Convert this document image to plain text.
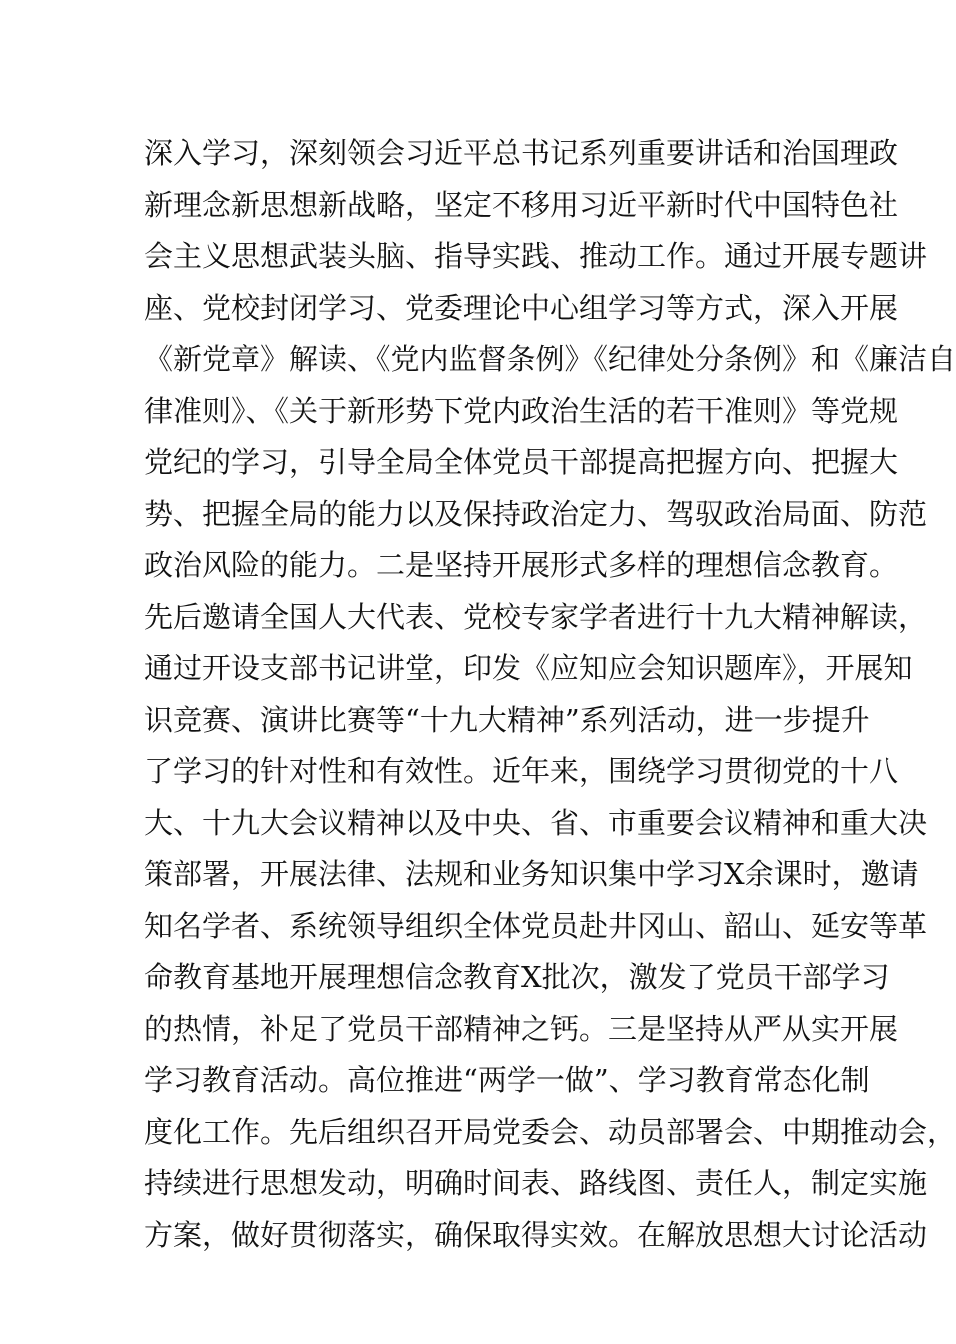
深入学习，深刻领会习近平总书记系列重要讲话和治国理政
新理念新思想新战略，坚定不移用习近平新时代中国特色社
会主义思想武装头脑、指导实践、推动工作。通过开展专题讲
座、党校封闭学习、党委理论中心组学习等方式，深入开展
《新党章》解读、《党内监督条例》《纪律处分条例》和《廉洁自
律准则》、《关于新形势下党内政治生活的若干准则》等党规
党纪的学习，引导全局全体党员干部提高把握方向、把握大
势、把握全局的能力以及保持政治定力、驾驭政治局面、防范
政治风险的能力。二是坚持开展形式多样的理想信念教育。
先后邀请全国人大代表、党校专家学者进行十九大精神解读，
通过开设支部书记讲堂，印发《应知应会知识题库》，开展知
识竞赛、演讲比赛等“十九大精神”系列活动，进一步提升
了学习的针对性和有效性。近年来，围绕学习贯彻党的十八
大、十九大会议精神以及中央、省、市重要会议精神和重大决
策部署，开展法律、法规和业务知识集中学习X余课时，邀请
知名学者、系统领导组织全体党员赴井冈山、韶山、延安等革
命教育基地开展理想信念教育X批次，激发了党员干部学习
的热情，补足了党员干部精神之钙。三是坚持从严从实开展
学习教育活动。高位推进“两学一做”、学习教育常态化制
度化工作。先后组织召开局党委会、动员部署会、中期推动会，
持续进行思想发动，明确时间表、路线图、责任人，制定实施
方案，做好贯彻落实，确保取得实效。在解放思想大讨论活动
